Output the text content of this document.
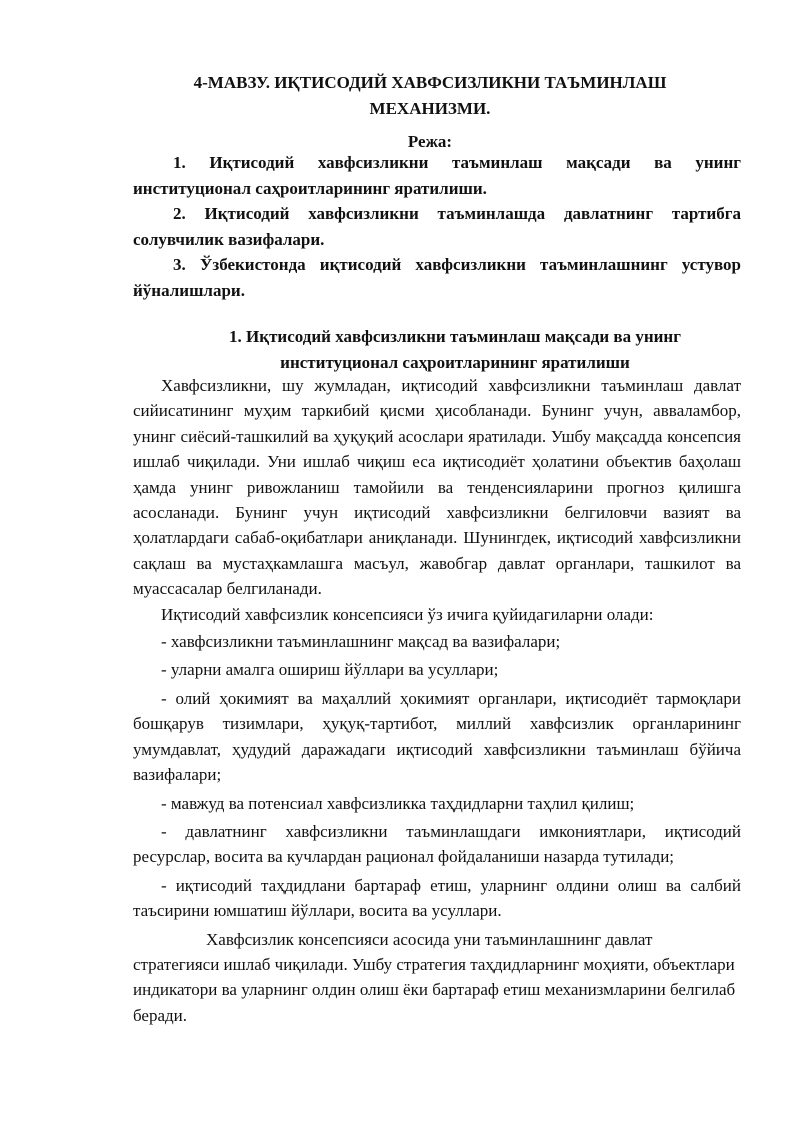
4-МАВЗУ. ИҚТИСОДИЙ ХАВФСИЗЛИКНИ ТАЪМИНЛАШ
МЕХАНИЗМИ.
Режа:

1. Иқтисодий хавфсизликни таъминлаш мақсади ва унинг институционал саҳроитларининг яратилиши.

2. Иқтисодий хавфсизликни таъминлашда давлатнинг тартибга солувчилик вазифалари.

3. Ўзбекистонда иқтисодий хавфсизликни таъминлашнинг устувор йўналишлари.

1. Иқтисодий хавфсизликни таъминлаш мақсади ва унинг
институционал саҳроитларининг яратилиши

Хавфсизликни, шу жумладан, иқтисодий хавфсизликни таъминлаш давлат сийисатининг муҳим таркибий қисми ҳисобланади. Бунинг учун, аввaламбор, унинг сиёсий-ташкилий ва ҳуқуқий асослари яратилади. Ушбу мақсадда консепсия ишлаб чиқилади. Уни ишлаб чиқиш еса иқтисодиёт ҳолатини объектив баҳолаш ҳамда унинг ривожланиш тамойили ва тенденсияларини прогноз қилишга асосланади. Бунинг учун иқтисодий хавфсизликни белгиловчи вазият ва ҳолатлардаги сабаб-оқибатлари аниқланади. Шунингдек, иқтисодий хавфсизликни сақлаш ва мустаҳкамлашга масъул, жавобгар давлат органлари, ташкилот ва муассасалар белгиланади.

Иқтисодий хавфсизлик консепсияси ўз ичига қуйидагиларни олади:

- хавфсизликни таъминлашнинг мақсад ва вазифалари;

- уларни амалга ошириш йўллари ва усуллари;

- олий ҳокимият ва маҳаллий ҳокимият органлари, иқтисодиёт тармоқлари бошқарув тизимлари, ҳуқуқ-тартибот, миллий хавфсизлик органларининг умумдавлат, ҳудудий даражадаги иқтисодий хавфсизликни таъминлаш бўйича вазифалари;

- мавжуд ва потенсиал хавфсизликка таҳдидларни таҳлил қилиш;

- давлатнинг хавфсизликни таъминлашдаги имкониятлари, иқтисодий ресурслар, восита ва кучлардан рационал фойдаланиши назарда тутилади;

- иқтисодий таҳдидлани бартараф етиш, уларнинг олдини олиш ва салбий таъсирини юмшатиш йўллари, восита ва усуллари.

Хавфсизлик консепсияси асосида уни таъминлашнинг давлат стратегияси ишлаб чиқилади. Ушбу стратегия таҳдидларнинг моҳияти, объектлари индикатори ва уларнинг олдин олиш ёки бартараф етиш механизмларини белгилаб беради.
